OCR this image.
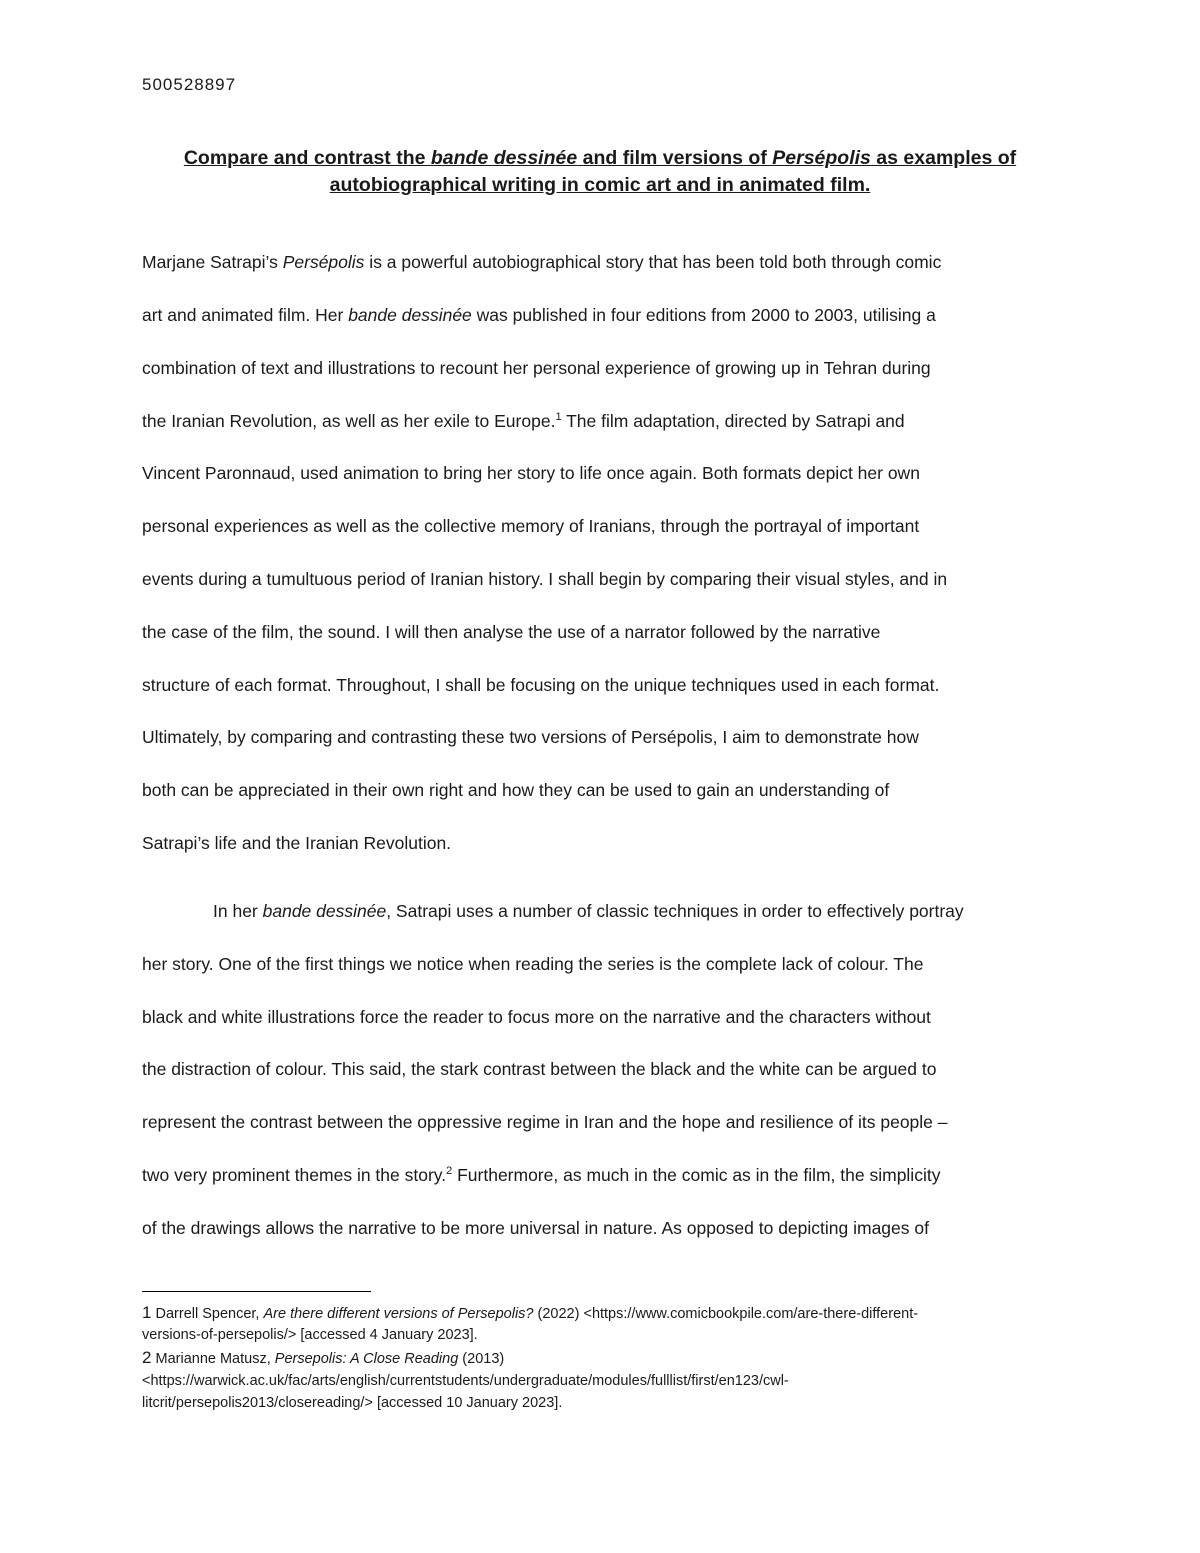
500528897
Compare and contrast the bande dessinée and film versions of Persépolis as examples of
autobiographical writing in comic art and in animated film.
Marjane Satrapi’s Persépolis is a powerful autobiographical story that has been told both through comic
art and animated film. Her bande dessinée was published in four editions from 2000 to 2003, utilising a
combination of text and illustrations to recount her personal experience of growing up in Tehran during
the Iranian Revolution, as well as her exile to Europe.$^1$ The film adaptation, directed by Satrapi and
Vincent Paronnaud, used animation to bring her story to life once again. Both formats depict her own
personal experiences as well as the collective memory of Iranians, through the portrayal of important
events during a tumultuous period of Iranian history. I shall begin by comparing their visual styles, and in
the case of the film, the sound. I will then analyse the use of a narrator followed by the narrative
structure of each format. Throughout, I shall be focusing on the unique techniques used in each format.
Ultimately, by comparing and contrasting these two versions of Persépolis, I aim to demonstrate how
both can be appreciated in their own right and how they can be used to gain an understanding of
Satrapi’s life and the Iranian Revolution.
In her bande dessinée, Satrapi uses a number of classic techniques in order to effectively portray
her story. One of the first things we notice when reading the series is the complete lack of colour. The
black and white illustrations force the reader to focus more on the narrative and the characters without
the distraction of colour. This said, the stark contrast between the black and the white can be argued to
represent the contrast between the oppressive regime in Iran and the hope and resilience of its people –
two very prominent themes in the story.$^2$ Furthermore, as much in the comic as in the film, the simplicity
of the drawings allows the narrative to be more universal in nature. As opposed to depicting images of
1 Darrell Spencer, Are there different versions of Persepolis? (2022) <https://www.comicbookpile.com/are-there-different-
versions-of-persepolis/> [accessed 4 January 2023].
2 Marianne Matusz, Persepolis: A Close Reading (2013)
<https://warwick.ac.uk/fac/arts/english/currentstudents/undergraduate/modules/fulllist/first/en123/cwl-
litcrit/persepolis2013/closereading/> [accessed 10 January 2023].
